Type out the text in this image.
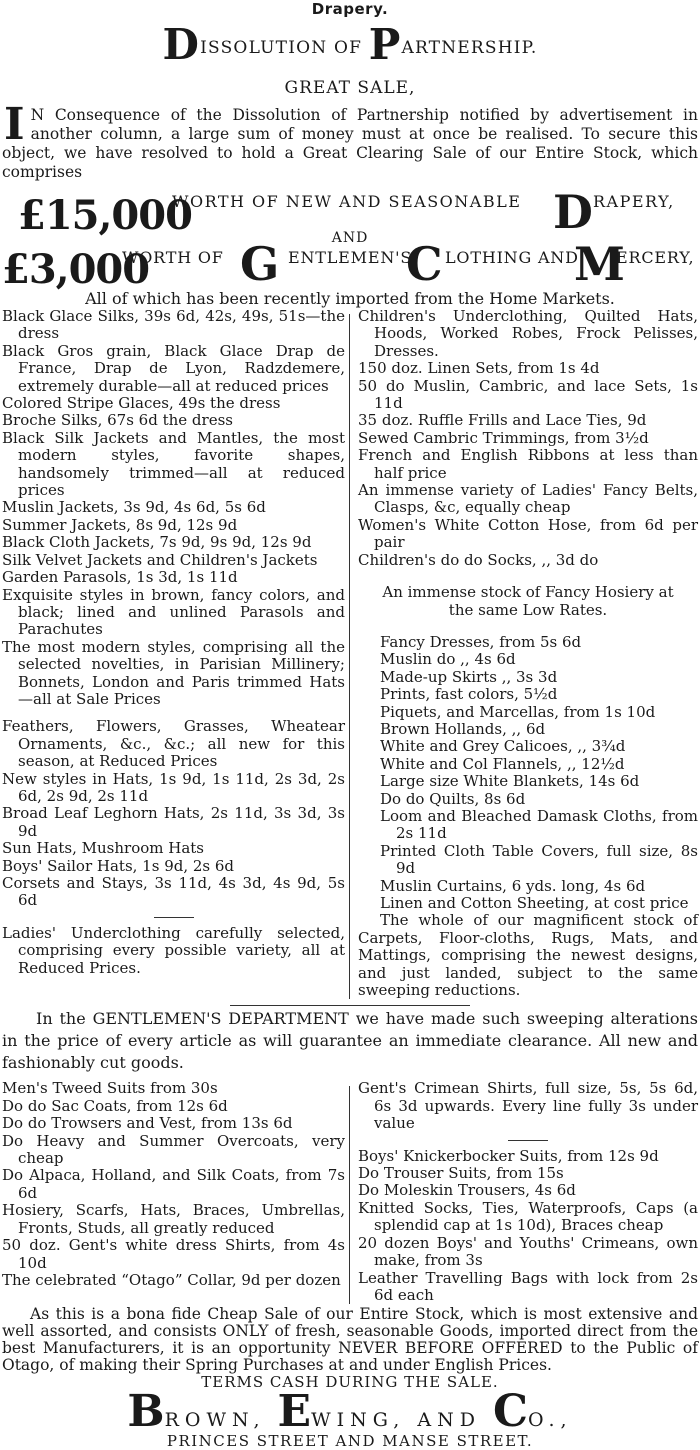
Drapery.
DISSOLUTION OF PARTNERSHIP.
GREAT SALE,
I N Consequence of the Dissolution of Partnership notified by advertisement in another column, a large sum of money must at once be realised. To secure this object, we have resolved to hold a Great Clearing Sale of our Entire Stock, which comprises
£15,000
WORTH OF NEW AND SEASONABLE D RAPERY,
AND
£3,000
WORTH OF G ENTLEMEN'S
C LOTHING AND
M
ERCERY,
All of which has been recently imported from the Home Markets.

Black Glace Silks, 39s 6d, 42s, 49s, 51s—the dress

Black Gros grain, Black Glace Drap de France, Drap de Lyon, Radzdemere, extremely durable—all at reduced prices

Colored Stripe Glaces, 49s the dress

Broche Silks, 67s 6d the dress

Black Silk Jackets and Mantles, the most modern styles, favorite shapes, handsomely trimmed—all at reduced prices

Muslin Jackets, 3s 9d, 4s 6d, 5s 6d

Summer Jackets, 8s 9d, 12s 9d

Black Cloth Jackets, 7s 9d, 9s 9d, 12s 9d

Silk Velvet Jackets and Children's Jackets

Garden Parasols, 1s 3d, 1s 11d

Exquisite styles in brown, fancy colors, and black; lined and unlined Parasols and Parachutes

The most modern styles, comprising all the selected novelties, in Parisian Millinery; Bonnets, London and Paris trimmed Hats—all at Sale Prices

Feathers, Flowers, Grasses, Wheatear Ornaments, &c., &c.; all new for this season, at Reduced Prices

New styles in Hats, 1s 9d, 1s 11d, 2s 3d, 2s 6d, 2s 9d, 2s 11d

Broad Leaf Leghorn Hats, 2s 11d, 3s 3d, 3s 9d

Sun Hats, Mushroom Hats

Boys' Sailor Hats, 1s 9d, 2s 6d

Corsets and Stays, 3s 11d, 4s 3d, 4s 9d, 5s 6d

Ladies' Underclothing carefully selected, comprising every possible variety, all at Reduced Prices.

Children's Underclothing, Quilted Hats, Hoods, Worked Robes, Frock Pelisses, Dresses.

150 doz. Linen Sets, from 1s 4d

50 do Muslin, Cambric, and lace Sets, 1s 11d

35 doz. Ruffle Frills and Lace Ties, 9d

Sewed Cambric Trimmings, from 3½d

French and English Ribbons at less than half price

An immense variety of Ladies' Fancy Belts, Clasps, &c, equally cheap

Women's White Cotton Hose, from 6d per pair

Children's do do Socks, ,, 3d do

An immense stock of Fancy Hosiery at the same Low Rates.

Fancy Dresses, from 5s 6d

Muslin do ,, 4s 6d

Made-up Skirts ,, 3s 3d

Prints, fast colors, 5½d

Piquets, and Marcellas, from 1s 10d

Brown Hollands, ,, 6d

White and Grey Calicoes, ,, 3¾d

White and Col Flannels, ,, 12½d

Large size White Blankets, 14s 6d

Do do Quilts, 8s 6d

Loom and Bleached Damask Cloths, from 2s 11d

Printed Cloth Table Covers, full size, 8s 9d

Muslin Curtains, 6 yds. long, 4s 6d

Linen and Cotton Sheeting, at cost price

The whole of our magnificent stock of Carpets, Floor-cloths, Rugs, Mats, and Mattings, comprising the newest designs, and just landed, subject to the same sweeping reductions.

In the GENTLEMEN'S DEPARTMENT we have made such sweeping alterations in the price of every article as will guarantee an immediate clearance. All new and fashionably cut goods.

Men's Tweed Suits from 30s

Do do Sac Coats, from 12s 6d

Do do Trowsers and Vest, from 13s 6d

Do Heavy and Summer Overcoats, very cheap

Do Alpaca, Holland, and Silk Coats, from 7s 6d

Hosiery, Scarfs, Hats, Braces, Umbrellas, Fronts, Studs, all greatly reduced

50 doz. Gent's white dress Shirts, from 4s 10d

The celebrated “Otago” Collar, 9d per dozen

Gent's Crimean Shirts, full size, 5s, 5s 6d, 6s 3d upwards. Every line fully 3s under value

Boys' Knickerbocker Suits, from 12s 9d

Do Trouser Suits, from 15s

Do Moleskin Trousers, 4s 6d

Knitted Socks, Ties, Waterproofs, Caps (a splendid cap at 1s 10d), Braces cheap

20 dozen Boys' and Youths' Crimeans, own make, from 3s

Leather Travelling Bags with lock from 2s 6d each

As this is a bona fide Cheap Sale of our Entire Stock, which is most extensive and well assorted, and consists ONLY of fresh, seasonable Goods, imported direct from the best Manufacturers, it is an opportunity NEVER BEFORE OFFERED to the Public of Otago, of making their Spring Purchases at and under English Prices.
TERMS CASH DURING THE SALE.
BROWN, EWING, AND CO.,
PRINCES STREET AND MANSE STREET.
